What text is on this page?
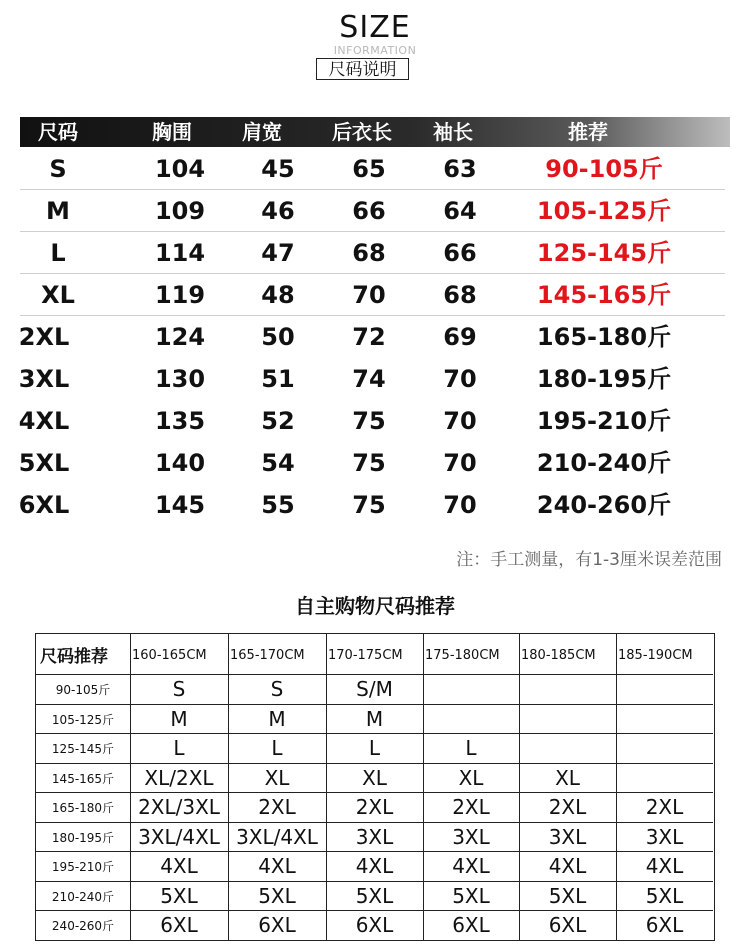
SIZE
INFORMATION
尺码说明
尺码	胸围	肩宽	后衣长 袖长	推荐
S	104	45	65	63	90-105斤
M	109	46	66	64	105-125斤
L	114	47	68	66	125-145斤
XL	119	48	70	68	145-165斤
2XL	124	50	72	69	165-180斤
3XL	130	51	74	70	180-195斤
4XL	135	52	75	70	195-210斤
5XL	140	54	75	70	210-240斤
6XL	145	55	75	70	240-260斤
注：手工测量，有1-3厘米误差范围
自主购物尺码推荐
尺码推荐 160-165CM 165-170CM 170-175CM 175-180CM 180-185CM 185-190CM
90-105斤	S	S	S/M
105-125斤	M	M	M
125-145斤	L	L	L	L
145-165斤	XL/2XL	XL	XL	XL	XL
165-180斤	2XL/3XL	2XL	2XL	2XL	2XL	2XL
180-195斤	3XL/4XL 3XL/4XL	3XL	3XL	3XL	3XL
195-210斤	4XL	4XL	4XL	4XL	4XL	4XL
210-240斤	5XL	5XL	5XL	5XL	5XL	5XL
240-260斤	6XL	6XL	6XL	6XL	6XL	6XL
